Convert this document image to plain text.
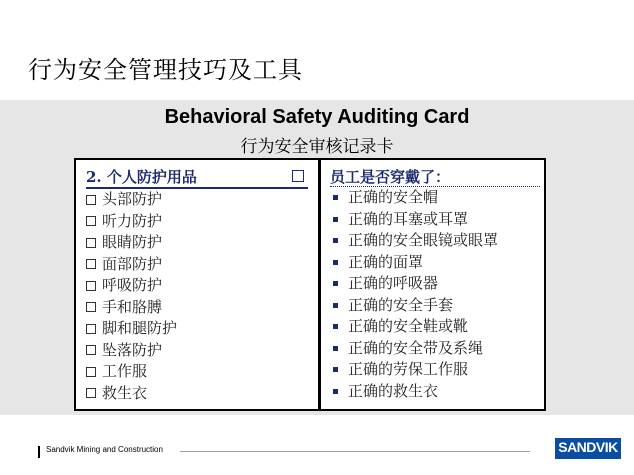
行为安全管理技巧及工具
Behavioral Safety Auditing Card
行为安全审核记录卡
2. 个人防护用品
头部防护
听力防护
眼睛防护
面部防护
呼吸防护
手和胳膊
脚和腿防护
坠落防护
工作服
救生衣
员工是否穿戴了：
正确的安全帽
正确的耳塞或耳罩
正确的安全眼镜或眼罩
正确的面罩
正确的呼吸器
正确的安全手套
正确的安全鞋或靴
正确的安全带及系绳
正确的劳保工作服
正确的救生衣
Sandvik Mining and Construction	SANDVIK
